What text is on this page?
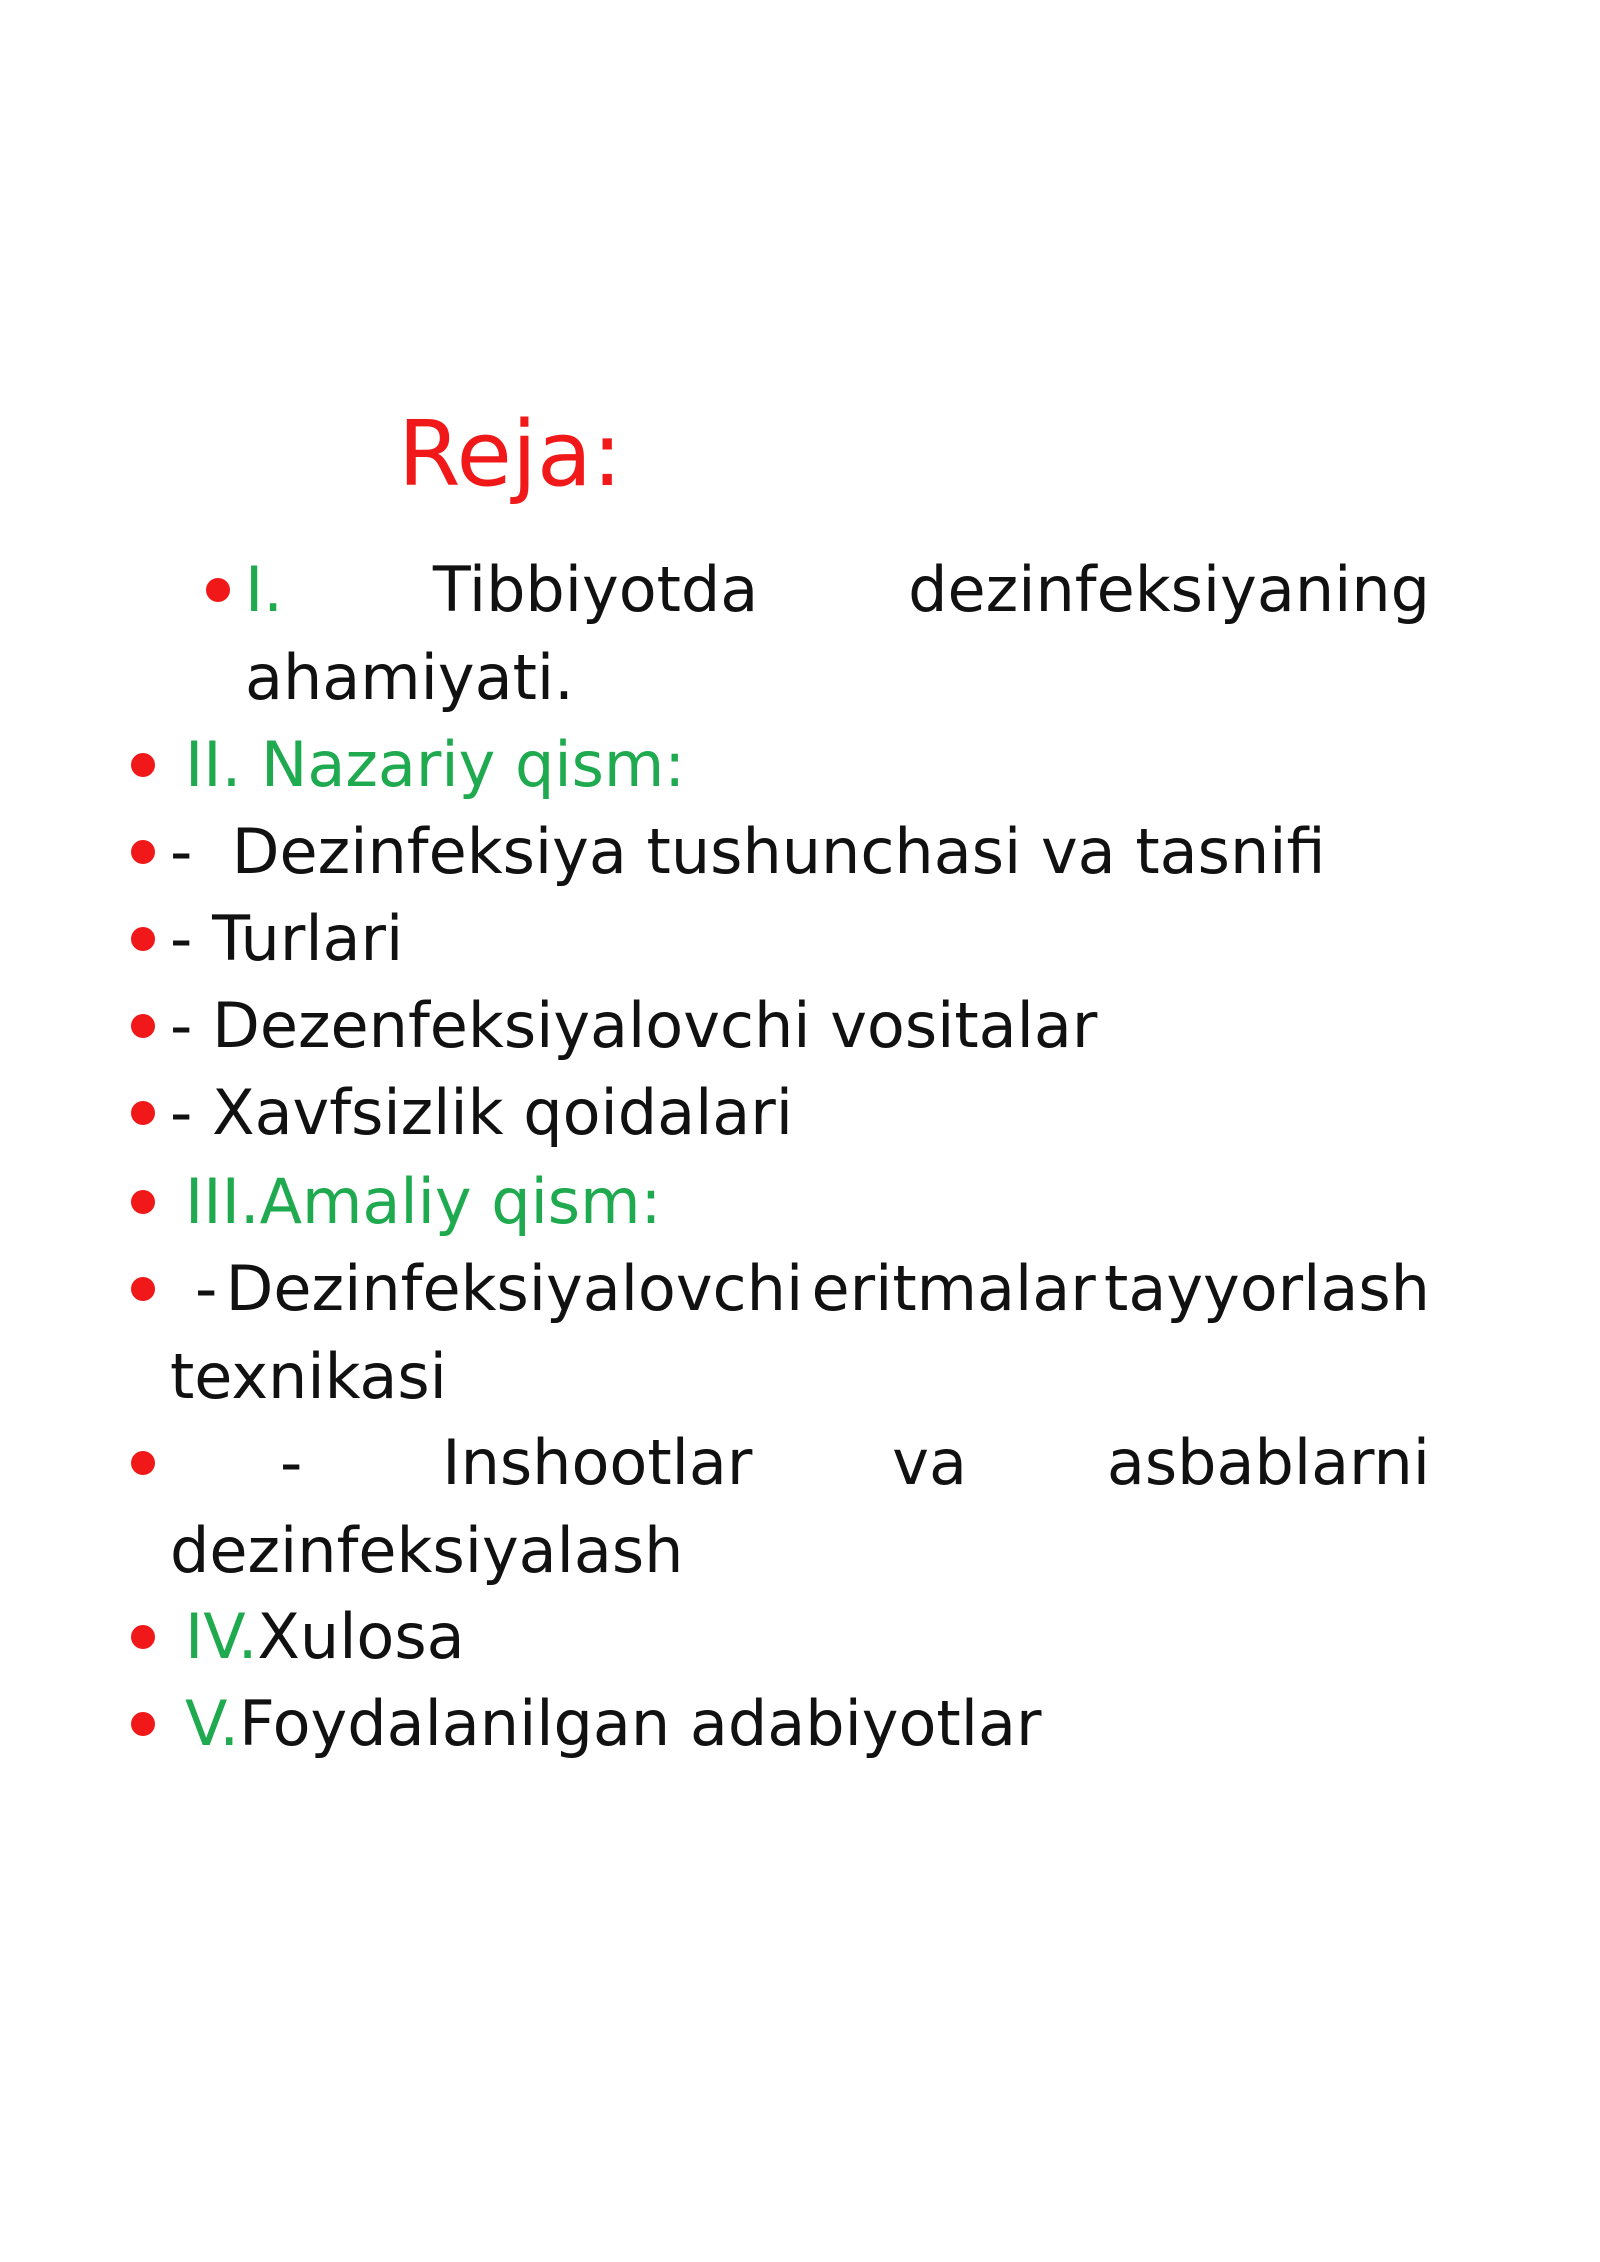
Reja:
I. Tibbiyotda dezinfeksiyaning
ahamiyati.
II. Nazariy qism:
- Dezinfeksiya tushunchasi va tasnifi
- Turlari
- Dezenfeksiyalovchi vositalar
- Xavfsizlik qoidalari
III.Amaliy qism:
- Dezinfeksiyalovchi eritmalar tayyorlash
texnikasi
- Inshootlar va asbablarni
dezinfeksiyalash
IV.Xulosa
V.Foydalanilgan adabiyotlar
